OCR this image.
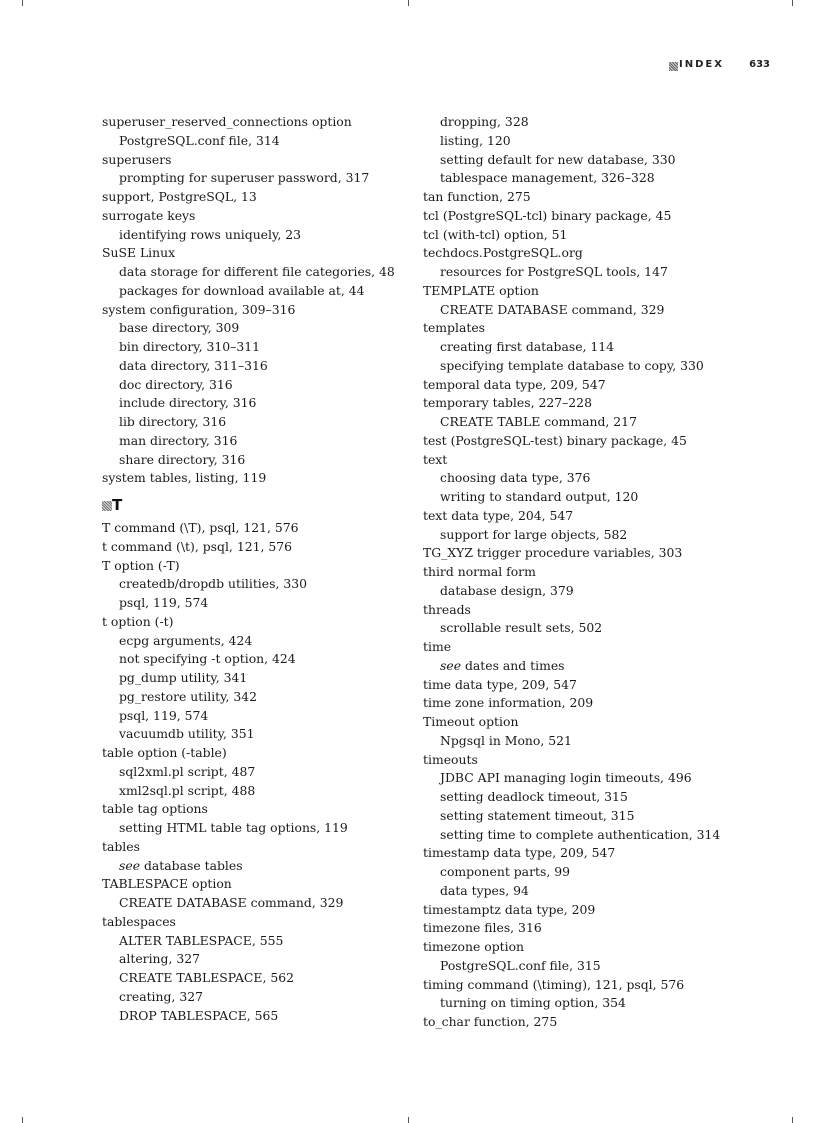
INDEX	633
superuser_reserved_connections option
PostgreSQL.conf file, 314
superusers
prompting for superuser password, 317
support, PostgreSQL, 13
surrogate keys
identifying rows uniquely, 23
SuSE Linux
data storage for different file categories, 48
packages for download available at, 44
system configuration, 309–316
base directory, 309
bin directory, 310–311
data directory, 311–316
doc directory, 316
include directory, 316
lib directory, 316
man directory, 316
share directory, 316
system tables, listing, 119
T
T command (\T), psql, 121, 576
t command (\t), psql, 121, 576
T option (-T)
createdb/dropdb utilities, 330
psql, 119, 574
t option (-t)
ecpg arguments, 424
not specifying -t option, 424
pg_dump utility, 341
pg_restore utility, 342
psql, 119, 574
vacuumdb utility, 351
table option (-table)
sql2xml.pl script, 487
xml2sql.pl script, 488
table tag options
setting HTML table tag options, 119
tables
see database tables
TABLESPACE option
CREATE DATABASE command, 329
tablespaces
ALTER TABLESPACE, 555
altering, 327
CREATE TABLESPACE, 562
creating, 327
DROP TABLESPACE, 565
dropping, 328
listing, 120
setting default for new database, 330
tablespace management, 326–328
tan function, 275
tcl (PostgreSQL-tcl) binary package, 45
tcl (with-tcl) option, 51
techdocs.PostgreSQL.org
resources for PostgreSQL tools, 147
TEMPLATE option
CREATE DATABASE command, 329
templates
creating first database, 114
specifying template database to copy, 330
temporal data type, 209, 547
temporary tables, 227–228
CREATE TABLE command, 217
test (PostgreSQL-test) binary package, 45
text
choosing data type, 376
writing to standard output, 120
text data type, 204, 547
support for large objects, 582
TG_XYZ trigger procedure variables, 303
third normal form
database design, 379
threads
scrollable result sets, 502
time
see dates and times
time data type, 209, 547
time zone information, 209
Timeout option
Npgsql in Mono, 521
timeouts
JDBC API managing login timeouts, 496
setting deadlock timeout, 315
setting statement timeout, 315
setting time to complete authentication, 314
timestamp data type, 209, 547
component parts, 99
data types, 94
timestamptz data type, 209
timezone files, 316
timezone option
PostgreSQL.conf file, 315
timing command (\timing), 121, psql, 576
turning on timing option, 354
to_char function, 275
